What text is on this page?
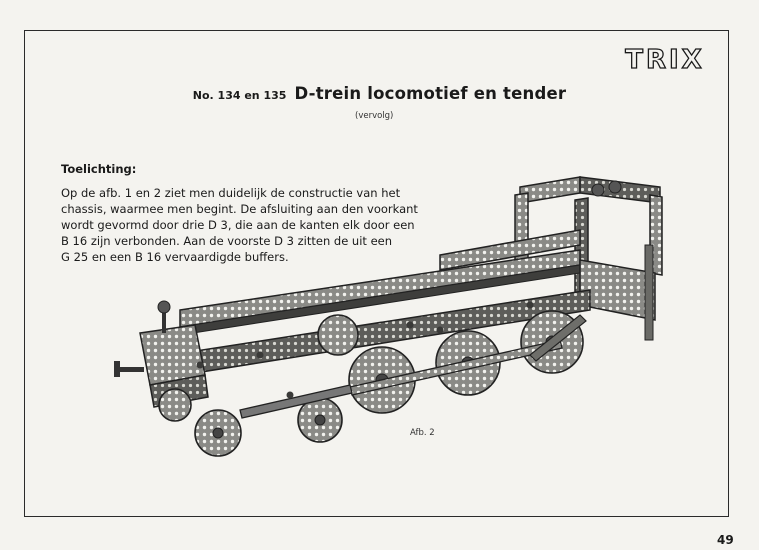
TRIX
No. 134 en 135 D-trein locomotief en tender
(vervolg)
Toelichting:
Op de afb. 1 en 2 ziet men duidelijk de constructie van het
chassis, waarmee men begint. De afsluiting aan den voorkant
wordt gevormd door drie D 3, die aan de kanten elk door een
B 16 zijn verbonden. Aan de voorste D 3 zitten de uit een
G 25 en een B 16 vervaardigde buffers.
Afb. 2
49
